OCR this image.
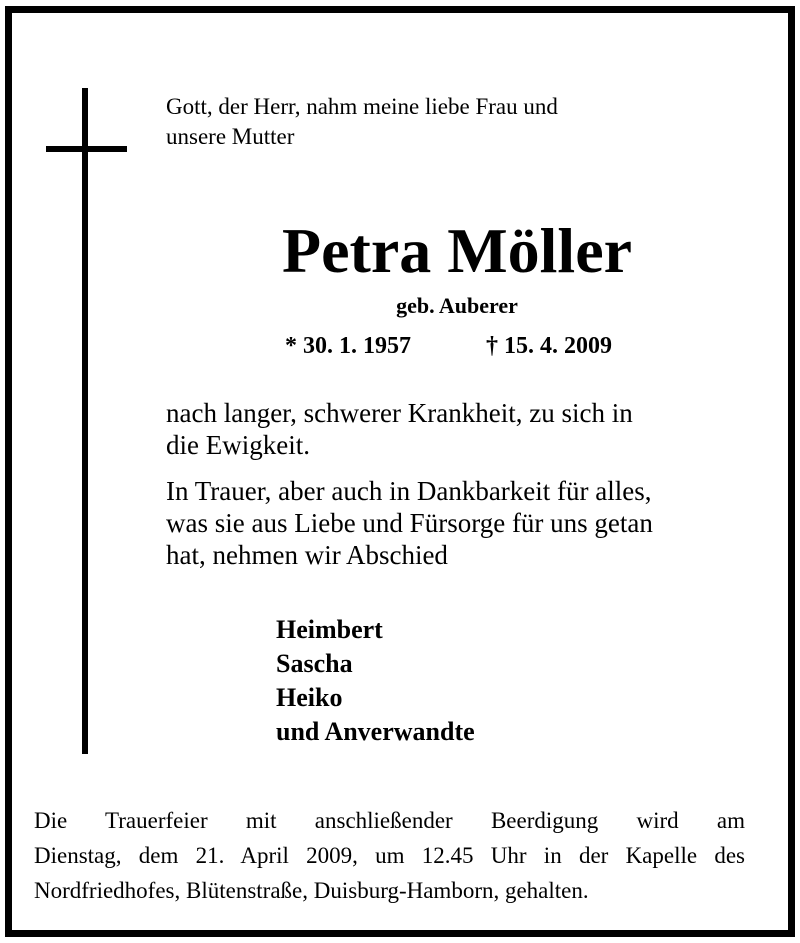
Gott, der Herr, nahm meine liebe Frau und
unsere Mutter
Petra Möller
geb. Auberer
* 30. 1. 1957	† 15. 4. 2009
nach langer, schwerer Krankheit, zu sich in
die Ewigkeit.
In Trauer, aber auch in Dankbarkeit für alles,
was sie aus Liebe und Fürsorge für uns getan
hat, nehmen wir Abschied
Heimbert
Sascha
Heiko
und Anverwandte
Die Trauerfeier mit anschließender Beerdigung wird am
Dienstag, dem 21. April 2009, um 12.45 Uhr in der Kapelle des
Nordfriedhofes, Blütenstraße, Duisburg-Hamborn, gehalten.
